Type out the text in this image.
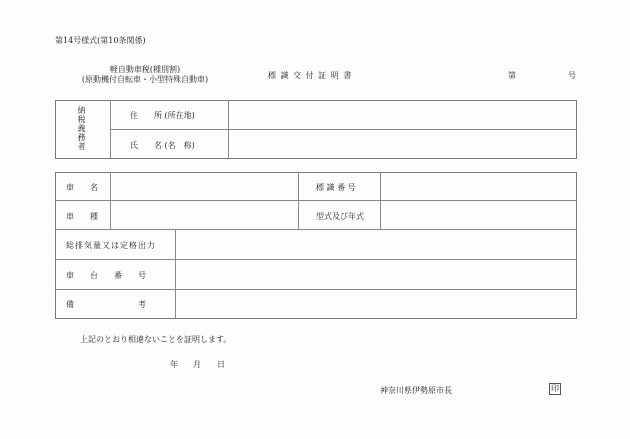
第14号様式(第10条関係)
軽自動車税(種別割)
(原動機付自転車・小型特殊自動車)	標 識 交 付 証 明 書	第	号
納税義務者
住　　所 (所在地)
氏　　名 (名　称)
車　　名	標 識 番 号
車　　種	型式及び年式
総排気量又は定格出力
車　　台　　番　　号
備　　　　　　　　考
上記のとおり相違ないことを証明します。
年 月 日
神奈川県伊勢原市長	印
